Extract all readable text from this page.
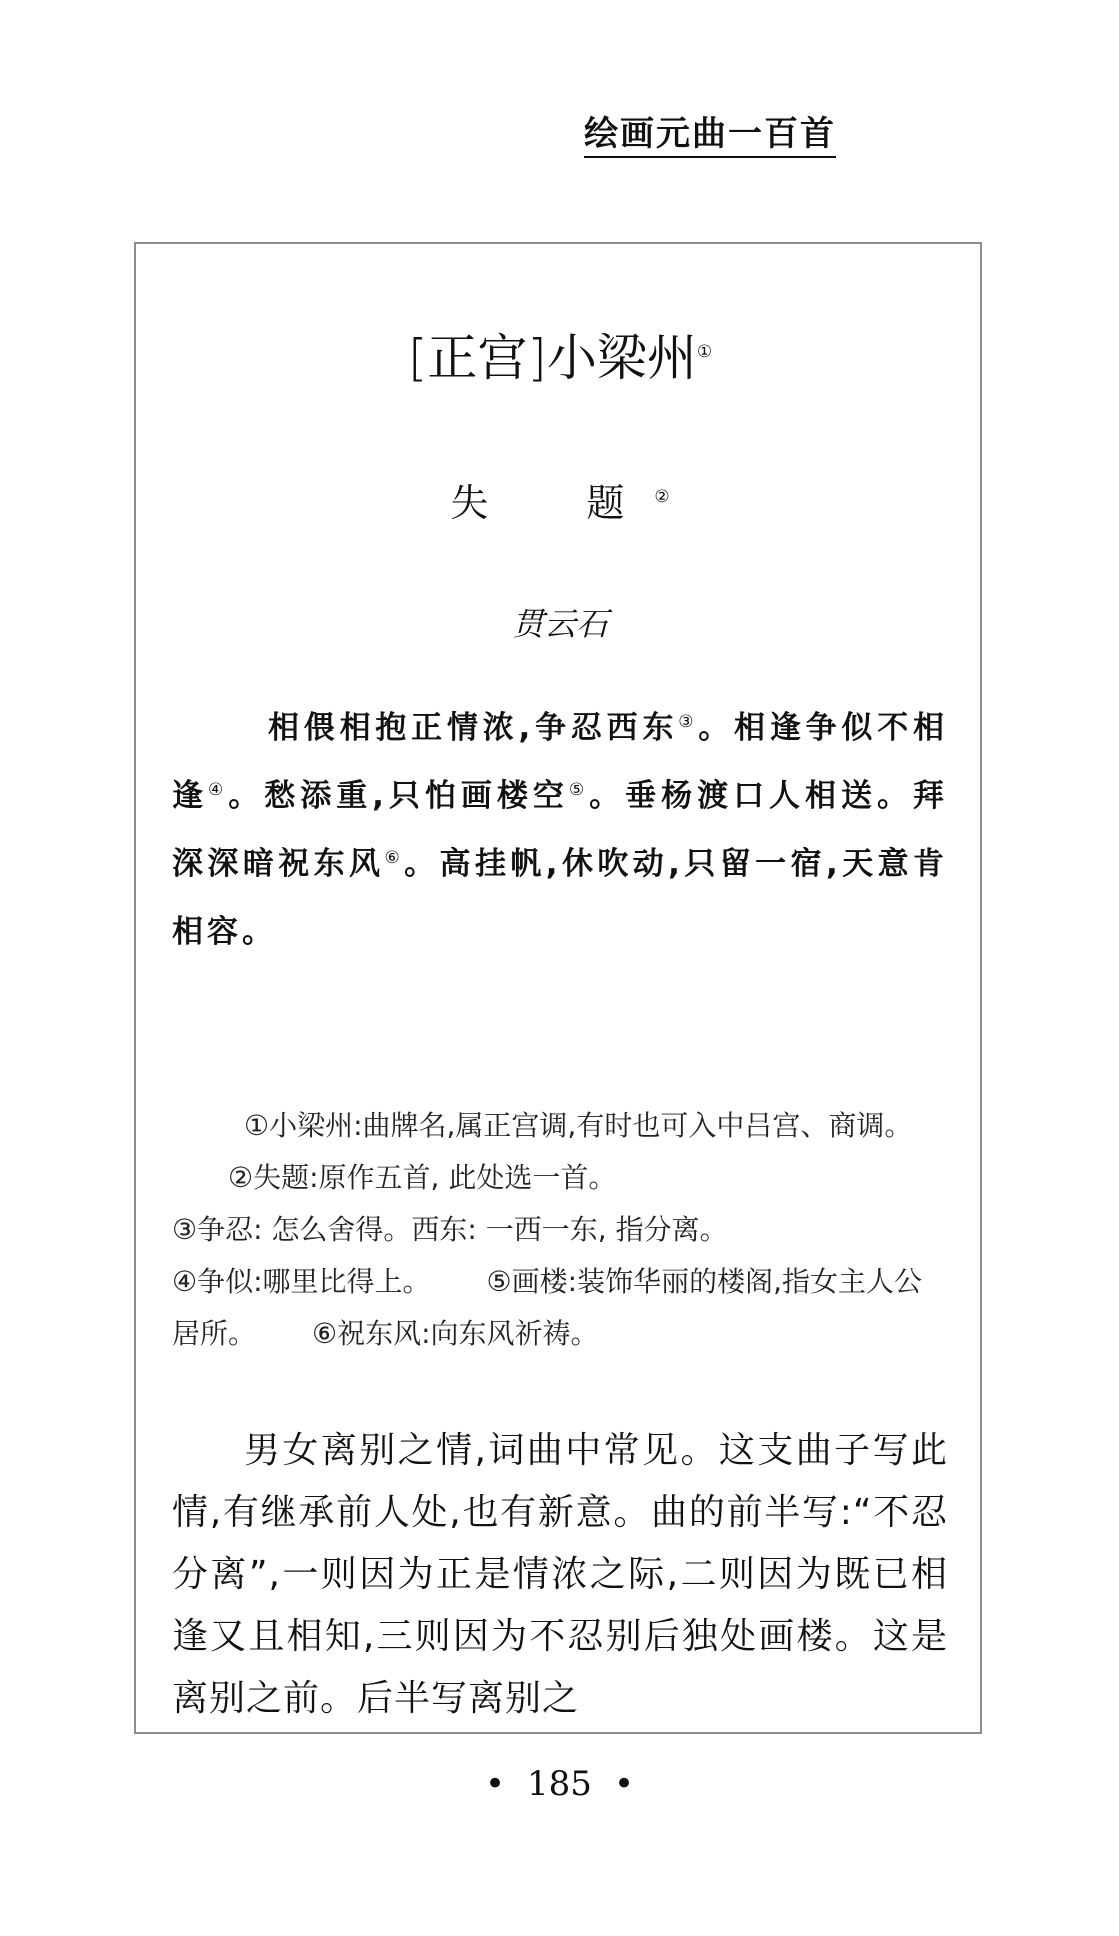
绘画元曲一百首
[正宫]小梁州①
失　题②
贯云石
相偎相抱正情浓,争忍西东③。相逢争似不相逢④。愁添重,只怕画楼空⑤。垂杨渡口人相送。拜深深暗祝东风⑥。高挂帆,休吹动,只留一宿,天意肯相容。

①小梁州:曲牌名,属正宫调,有时也可入中吕宫、商调。②失题:原作五首, 此处选一首。

③争忍: 怎么舍得。西东: 一西一东, 指分离。

④争似:哪里比得上。 ⑤画楼:装饰华丽的楼阁,指女主人公居所。 ⑥祝东风:向东风祈祷。

男女离别之情,词曲中常见。这支曲子写此情,有继承前人处,也有新意。曲的前半写:“不忍分离”,一则因为正是情浓之际,二则因为既已相逢又且相知,三则因为不忍别后独处画楼。这是离别之前。后半写离别之
• 185 •
